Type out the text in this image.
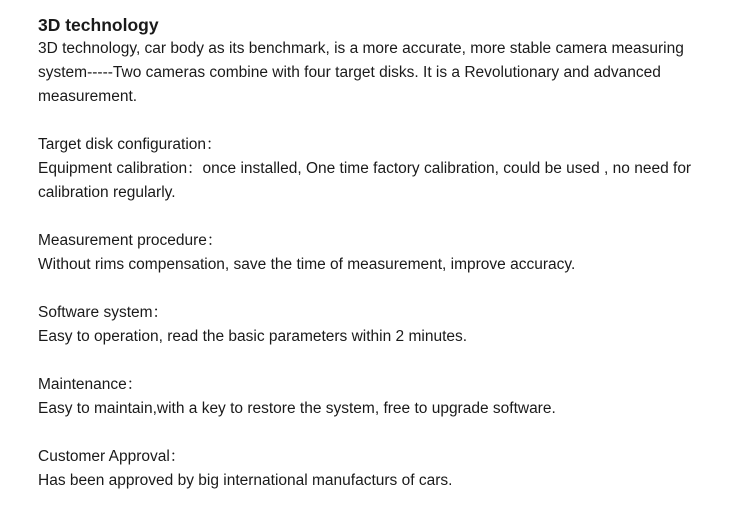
3D technology

3D technology, car body as its benchmark, is a more accurate, more stable camera measuring system-----Two cameras combine with four target disks. It is a Revolutionary and advanced measurement.

Target disk configuration：

Equipment calibration：once installed, One time factory calibration, could be used , no need for calibration regularly.

Measurement procedure：

Without rims compensation, save the time of measurement, improve accuracy.

Software system：

Easy to operation, read the basic parameters within 2 minutes.

Maintenance：

Easy to maintain,with a key to restore the system, free to upgrade software.

Customer Approval：

Has been approved by big international manufacturs of cars.
